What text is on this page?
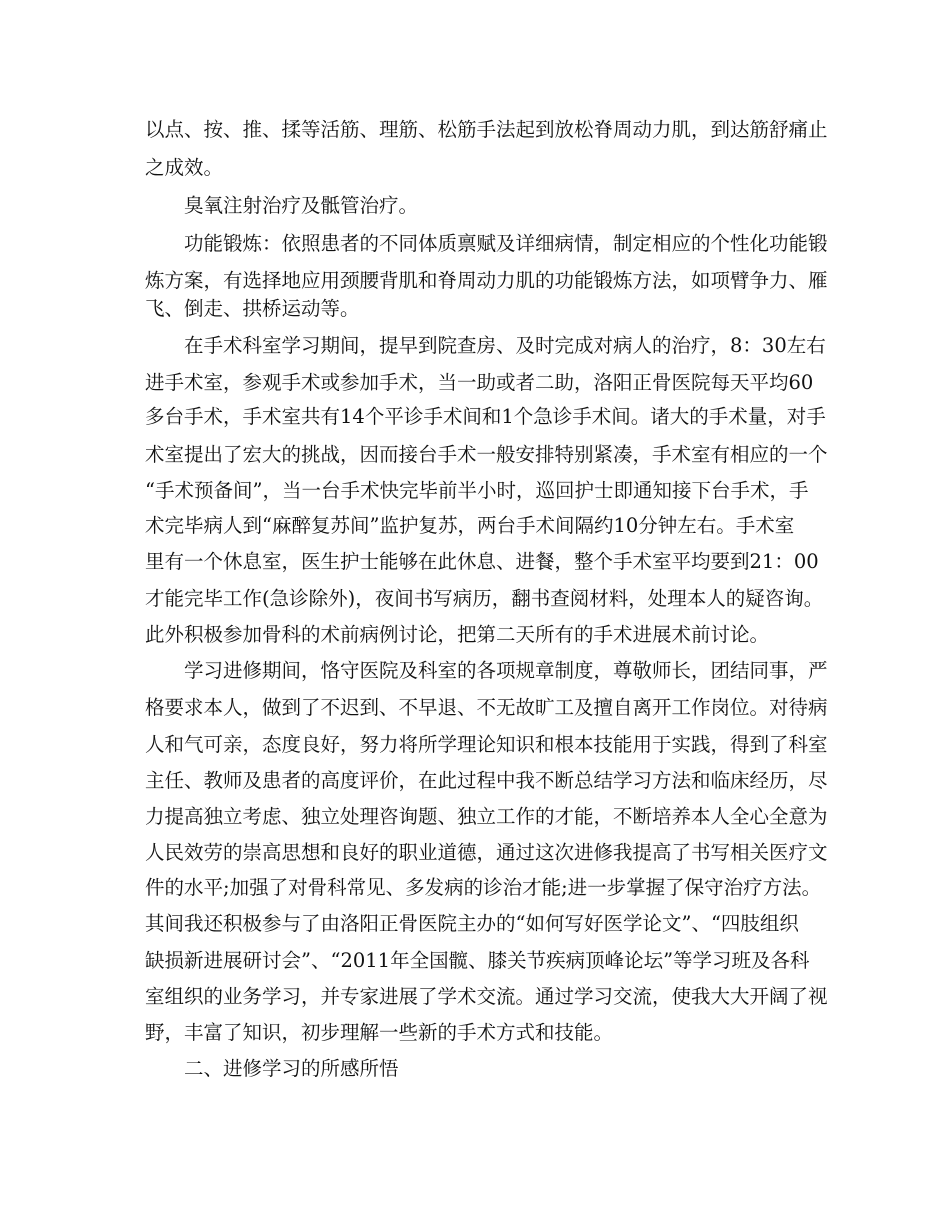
以点、按、推、揉等活筋、理筋、松筋手法起到放松脊周动力肌，到达筋舒痛止
之成效。
臭氧注射治疗及骶管治疗。
功能锻炼：依照患者的不同体质禀赋及详细病情，制定相应的个性化功能锻
炼方案，有选择地应用颈腰背肌和脊周动力肌的功能锻炼方法，如项臂争力、雁
飞、倒走、拱桥运动等。
在手术科室学习期间，提早到院查房、及时完成对病人的治疗，8：30左右
进手术室，参观手术或参加手术，当一助或者二助，洛阳正骨医院每天平均60
多台手术，手术室共有14个平诊手术间和1个急诊手术间。诸大的手术量，对手
术室提出了宏大的挑战，因而接台手术一般安排特别紧凑，手术室有相应的一个
“手术预备间”，当一台手术快完毕前半小时，巡回护士即通知接下台手术，手
术完毕病人到“麻醉复苏间”监护复苏，两台手术间隔约10分钟左右。手术室
里有一个休息室，医生护士能够在此休息、进餐，整个手术室平均要到21：00
才能完毕工作(急诊除外)，夜间书写病历，翻书查阅材料，处理本人的疑咨询。
此外积极参加骨科的术前病例讨论，把第二天所有的手术进展术前讨论。
学习进修期间，恪守医院及科室的各项规章制度，尊敬师长，团结同事，严
格要求本人，做到了不迟到、不早退、不无故旷工及擅自离开工作岗位。对待病
人和气可亲，态度良好，努力将所学理论知识和根本技能用于实践，得到了科室
主任、教师及患者的高度评价，在此过程中我不断总结学习方法和临床经历，尽
力提高独立考虑、独立处理咨询题、独立工作的才能，不断培养本人全心全意为
人民效劳的崇高思想和良好的职业道德，通过这次进修我提高了书写相关医疗文
件的水平;加强了对骨科常见、多发病的诊治才能;进一步掌握了保守治疗方法。
其间我还积极参与了由洛阳正骨医院主办的“如何写好医学论文”、“四肢组织
缺损新进展研讨会”、“2011年全国髋、膝关节疾病顶峰论坛”等学习班及各科
室组织的业务学习，并专家进展了学术交流。通过学习交流，使我大大开阔了视
野，丰富了知识，初步理解一些新的手术方式和技能。
二、进修学习的所感所悟
